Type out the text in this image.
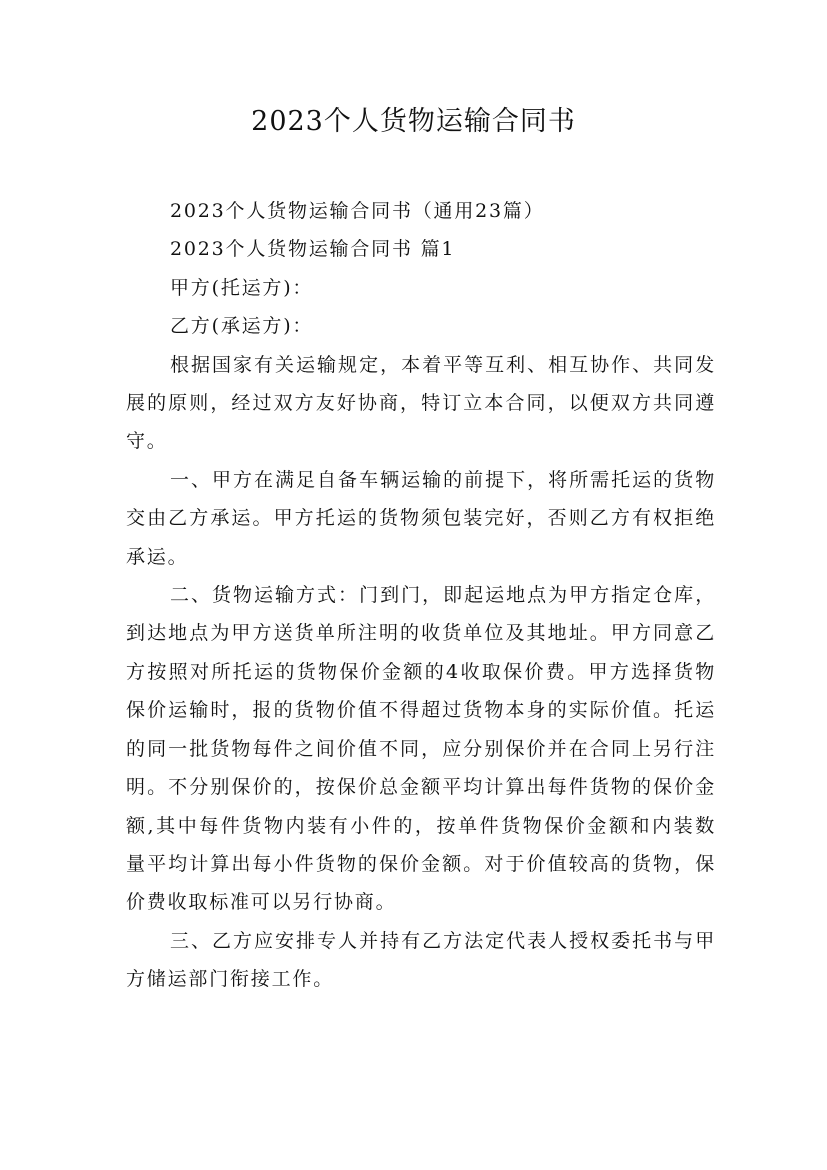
2023个人货物运输合同书

2023个人货物运输合同书（通用23篇）

2023个人货物运输合同书 篇1

甲方(托运方)：

乙方(承运方)：

根据国家有关运输规定，本着平等互利、相互协作、共同发展的原则，经过双方友好协商，特订立本合同，以便双方共同遵守。

一、甲方在满足自备车辆运输的前提下，将所需托运的货物交由乙方承运。甲方托运的货物须包装完好，否则乙方有权拒绝承运。

二、货物运输方式：门到门，即起运地点为甲方指定仓库，到达地点为甲方送货单所注明的收货单位及其地址。甲方同意乙方按照对所托运的货物保价金额的4收取保价费。甲方选择货物保价运输时，报的货物价值不得超过货物本身的实际价值。托运的同一批货物每件之间价值不同，应分别保价并在合同上另行注明。不分别保价的，按保价总金额平均计算出每件货物的保价金额,其中每件货物内装有小件的，按单件货物保价金额和内装数量平均计算出每小件货物的保价金额。对于价值较高的货物，保价费收取标准可以另行协商。

三、乙方应安排专人并持有乙方法定代表人授权委托书与甲方储运部门衔接工作。
